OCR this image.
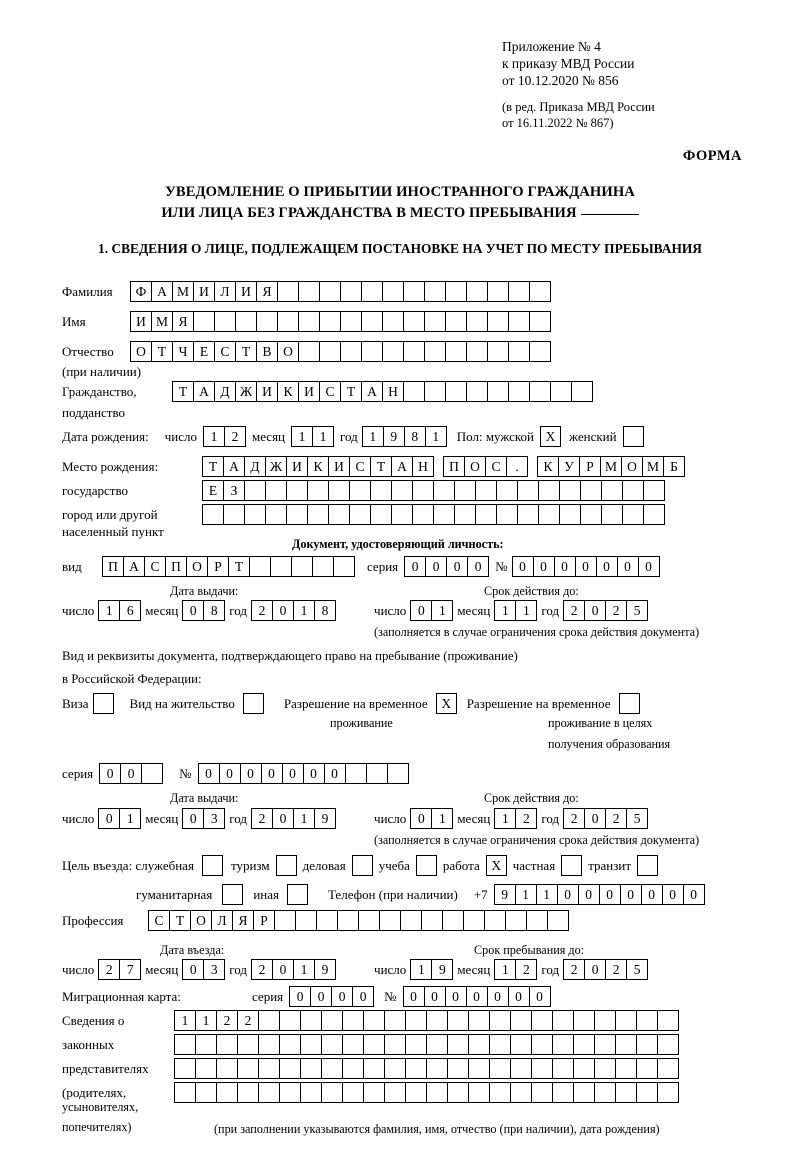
Приложение № 4
к приказу МВД России
от 10.12.2020 № 856
(в ред. Приказа МВД России
от 16.11.2022 № 867)
ФОРМА
УВЕДОМЛЕНИЕ О ПРИБЫТИИ ИНОСТРАННОГО ГРАЖДАНИНА
ИЛИ ЛИЦА БЕЗ ГРАЖДАНСТВА В МЕСТО ПРЕБЫВАНИЯ
1. СВЕДЕНИЯ О ЛИЦЕ, ПОДЛЕЖАЩЕМ ПОСТАНОВКЕ НА УЧЕТ ПО МЕСТУ ПРЕБЫВАНИЯ
Фамилия	Ф А М И Л И Я
Имя	И М Я
Отчество	О Т Ч Е С Т В О
(при наличии)
Гражданство,	Т А Д Ж И К И С Т А Н
подданство
Дата рождения: число	1	2	месяц	1	1	год 1	9	8	1	Пол: мужской Х	женский
Место рождения:	Т А Д Ж И К И С Т А Н	П О С	.	К У Р М О М Б
государство	Е З
город или другой
населенный пункт
Документ, удостоверяющий личность:
вид	П А С П О Р Т	серия	0	0	0	0	№ 0	0	0	0	0	0	0
Дата выдачи:	Срок действия до:
число 1	6 месяц 0	8 год 2	0	1	8	число 0	1 месяц 1	1 год 2	0	2	5
(заполняется в случае ограничения срока действия документа)
Вид и реквизиты документа, подтверждающего право на пребывание (проживание)
в Российской Федерации:
Виза	Вид на жительство	Разрешение на временное	Х	Разрешение на временное
проживание	проживание в целях
получения образования
серия	0	0	№	0	0	0	0	0	0	0
Дата выдачи:	Срок действия до:
число 0	1 месяц 0	3 год 2	0	1	9	число 0	1 месяц 1	2 год 2	0	2	5
(заполняется в случае ограничения срока действия документа)
Цель въезда: служебная	туризм	деловая	учеба	работа Х частная	транзит
гуманитарная	иная	Телефон (при наличии) +7	9	1	1	0	0	0	0	0	0	0
Профессия	С Т О Л Я Р
Дата въезда:	Срок пребывания до:
число 2	7 месяц 0	3 год 2	0	1	9	число 1	9 месяц 1	2 год 2	0	2	5
Миграционная карта:	серия	0	0	0	0	№	0	0	0	0	0	0	0
Сведения о	1	1	2	2
законных
представителях
(родителях,
усыновителях,
попечителях)	(при заполнении указываются фамилия, имя, отчество (при наличии), дата рождения)
